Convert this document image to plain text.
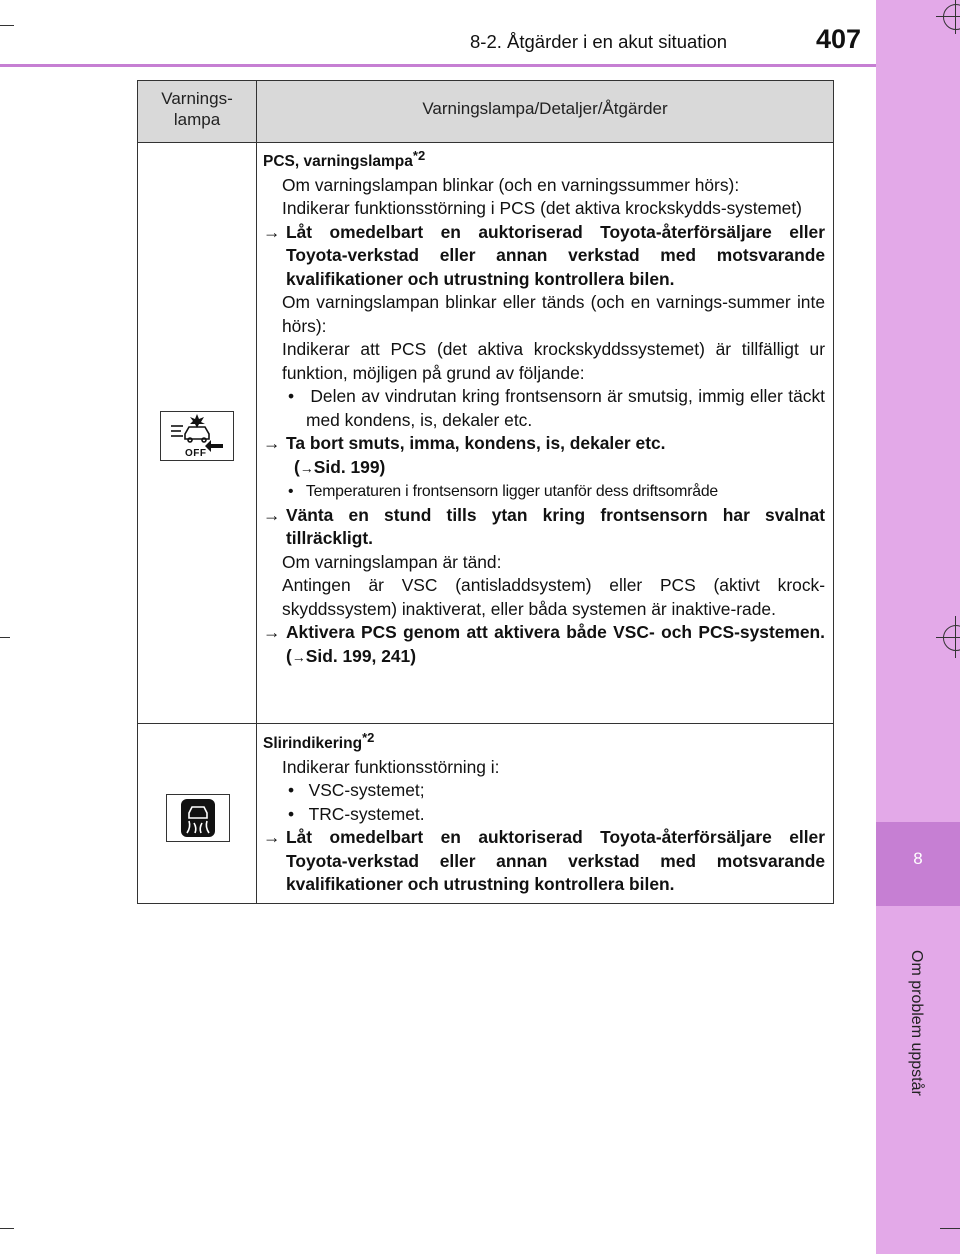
8
Om problem uppstår
8-2. Åtgärder i en akut situation	407
Varnings-
lampa
Varningslampa/Detaljer/Åtgärder
OFF

PCS, varningslampa$^{*2}$

Om varningslampan blinkar (och en varningssummer hörs):

Indikerar funktionsstörning i PCS (det aktiva krockskydds-systemet)

→ Låt omedelbart en auktoriserad Toyota-återförsäljare eller Toyota-verkstad eller annan verkstad med motsvarande kvalifikationer och utrustning kontrollera bilen.

Om varningslampan blinkar eller tänds (och en varnings-summer inte hörs):

Indikerar att PCS (det aktiva krockskyddssystemet) är tillfälligt ur funktion, möjligen på grund av följande:

• Delen av vindrutan kring frontsensorn är smutsig, immig eller täckt med kondens, is, dekaler etc.

→ Ta bort smuts, imma, kondens, is, dekaler etc.

(→Sid. 199)

• Temperaturen i frontsensorn ligger utanför dess driftsområde

→ Vänta en stund tills ytan kring frontsensorn har svalnat tillräckligt.

Om varningslampan är tänd:

Antingen är VSC (antisladdsystem) eller PCS (aktivt krock-skyddssystem) inaktiverat, eller båda systemen är inaktive-rade.

→ Aktivera PCS genom att aktivera både VSC- och PCS-systemen. (→Sid. 199, 241)

Slirindikering$^{*2}$

Indikerar funktionsstörning i:

• VSC-systemet;

• TRC-systemet.

→ Låt omedelbart en auktoriserad Toyota-återförsäljare eller Toyota-verkstad eller annan verkstad med motsvarande kvalifikationer och utrustning kontrollera bilen.
